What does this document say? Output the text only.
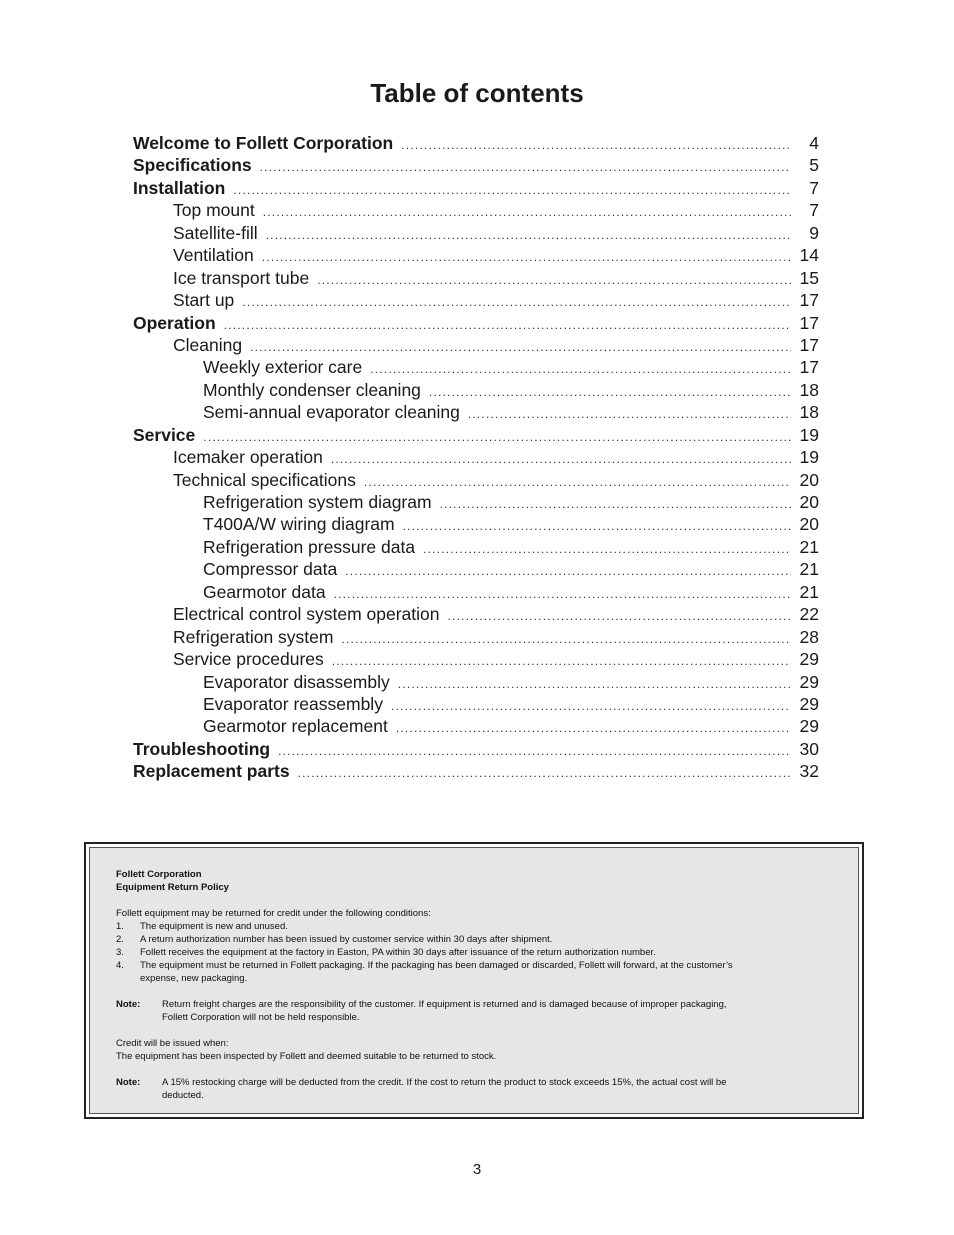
Table of contents
Welcome to Follett Corporation .....	4
Specifications .....	5
Installation .....	7
Top mount .....	7
Satellite-fill .....	9
Ventilation .....	14
Ice transport tube .....	15
Start up .....	17
Operation .....	17
Cleaning .....	17
Weekly exterior care .....	17
Monthly condenser cleaning .....	18
Semi-annual evaporator cleaning .....	18
Service .....	19
Icemaker operation .....	19
Technical specifications .....	20
Refrigeration system diagram .....	20
T400A/W wiring diagram .....	20
Refrigeration pressure data .....	21
Compressor data .....	21
Gearmotor data .....	21
Electrical control system operation .....	22
Refrigeration system .....	28
Service procedures .....	29
Evaporator disassembly .....	29
Evaporator reassembly .....	29
Gearmotor replacement .....	29
Troubleshooting .....	30
Replacement parts .....	32

Follett Corporation

Equipment Return Policy

Follett equipment may be returned for credit under the following conditions:

1.	The equipment is new and unused.
2.	A return authorization number has been issued by customer service within 30 days after shipment.
3.	Follett receives the equipment at the factory in Easton, PA within 30 days after issuance of the return authorization number.
4.	The equipment must be returned in Follett packaging. If the packaging has been damaged or discarded, Follett will forward, at the customer’s expense, new packaging.
Note:	Return freight charges are the responsibility of the customer. If equipment is returned and is damaged because of improper packaging, Follett Corporation will not be held responsible.

Credit will be issued when:

The equipment has been inspected by Follett and deemed suitable to be returned to stock.

Note:	A 15% restocking charge will be deducted from the credit. If the cost to return the product to stock exceeds 15%, the actual cost will be deducted.
3
